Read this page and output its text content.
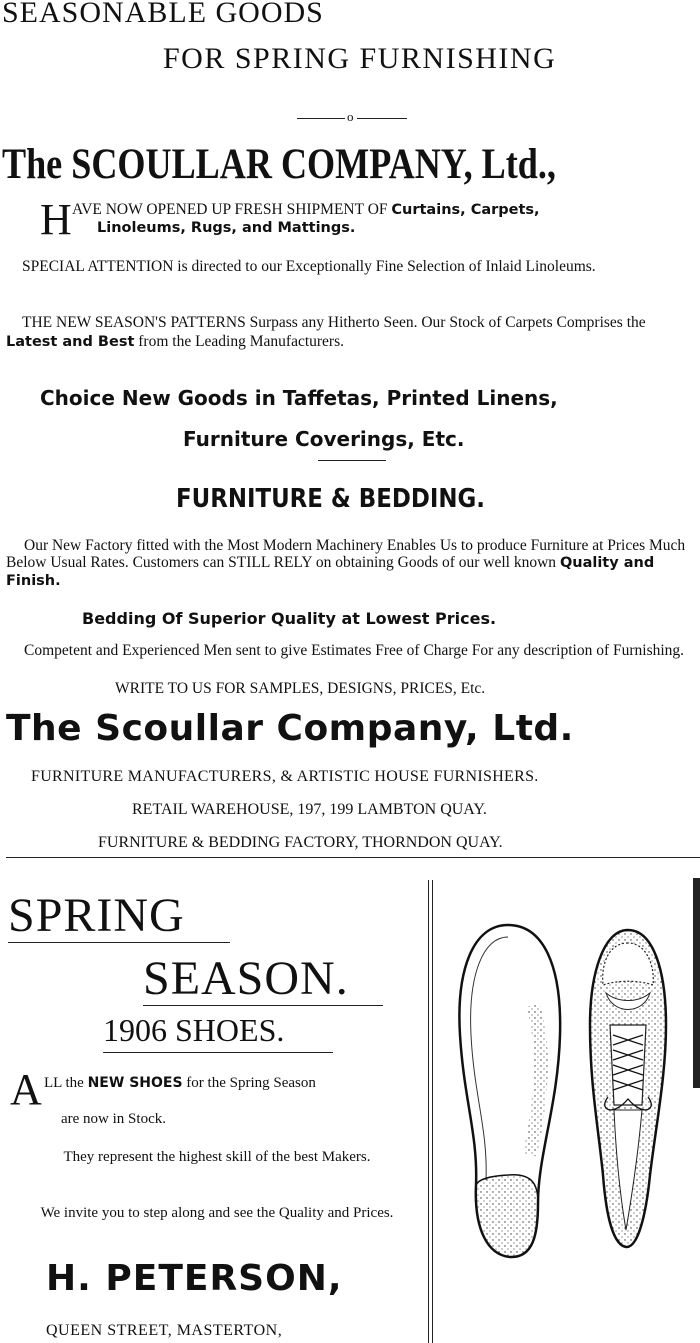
SEASONABLE GOODS
FOR SPRING FURNISHING
o
The SCOULLAR COMPANY, Ltd.,
H AVE NOW OPENED UP FRESH SHIPMENT OF Curtains, Carpets,
Linoleums, Rugs, and Mattings.
SPECIAL ATTENTION is directed to our Exceptionally Fine Selection of Inlaid Linoleums.
THE NEW SEASON'S PATTERNS Surpass any Hitherto Seen. Our Stock of Carpets Comprises the Latest and Best from the Leading Manufacturers.
Choice New Goods in Taffetas, Printed Linens,
Furniture Coverings, Etc.
FURNITURE & BEDDING.
Our New Factory fitted with the Most Modern Machinery Enables Us to produce Furniture at Prices Much Below Usual Rates. Customers can STILL RELY on obtaining Goods of our well known Quality and Finish.
Bedding Of Superior Quality at Lowest Prices.
Competent and Experienced Men sent to give Estimates Free of Charge For any description of Furnishing.
WRITE TO US FOR SAMPLES, DESIGNS, PRICES, Etc.
The Scoullar Company, Ltd.
FURNITURE MANUFACTURERS, & ARTISTIC HOUSE FURNISHERS.
RETAIL WAREHOUSE, 197, 199 LAMBTON QUAY.
FURNITURE & BEDDING FACTORY, THORNDON QUAY.
SPRING
SEASON.
1906 SHOES.
A LL the NEW SHOES for the Spring Season
are now in Stock.
They represent the highest skill of the best Makers.
We invite you to step along and see the Quality and Prices.
H. PETERSON,
QUEEN STREET, MASTERTON,
